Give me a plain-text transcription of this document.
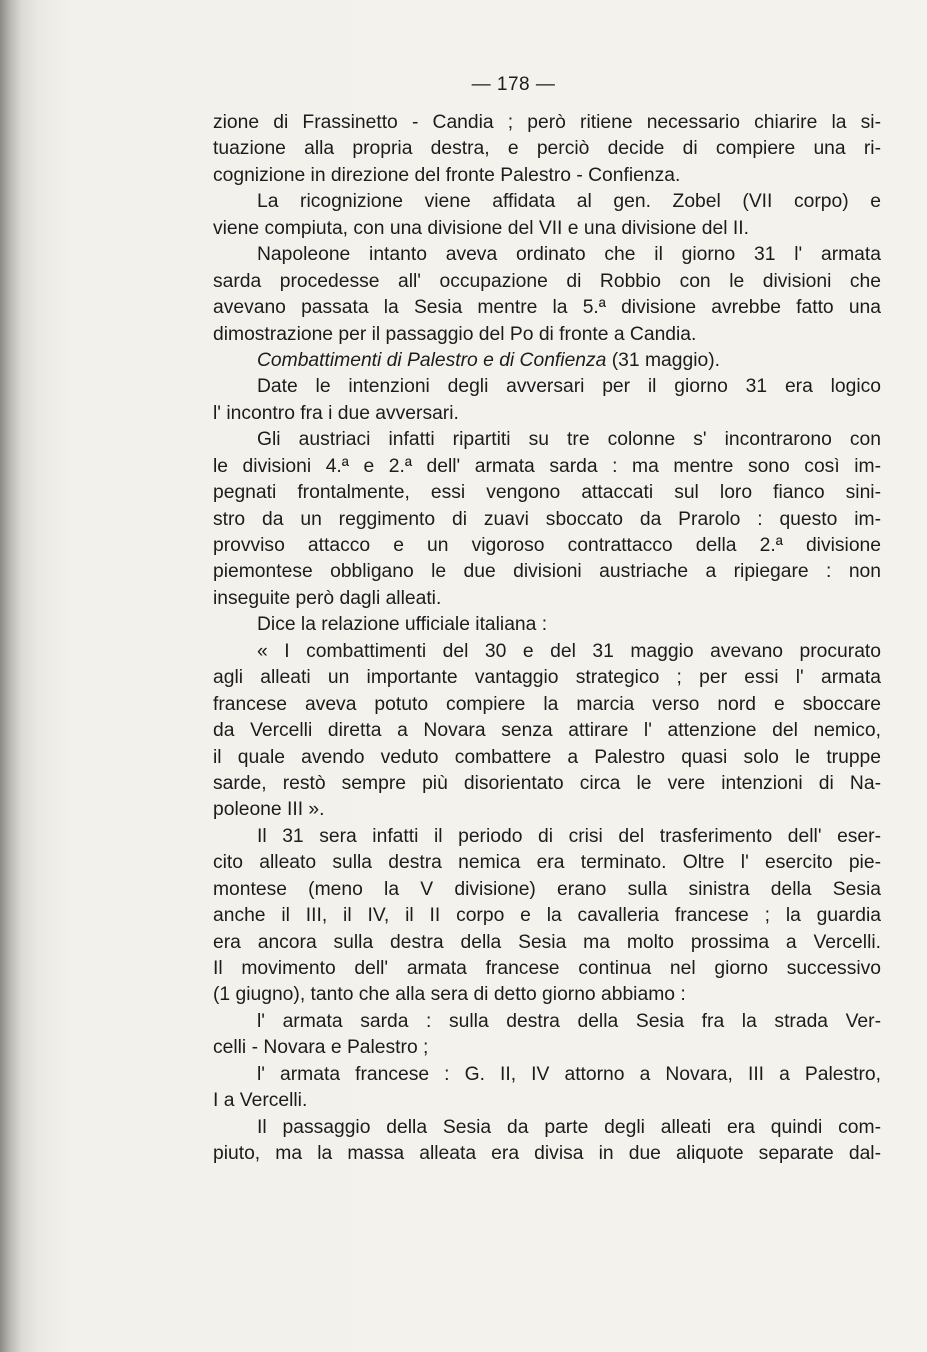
— 178 —
zione di Frassinetto - Candia ; però ritiene necessario chiarire la si-
tuazione alla propria destra, e perciò decide di compiere una ri-
cognizione in direzione del fronte Palestro - Confienza.
La ricognizione viene affidata al gen. Zobel (VII corpo) e
viene compiuta, con una divisione del VII e una divisione del II.
Napoleone intanto aveva ordinato che il giorno 31 l' armata
sarda procedesse all' occupazione di Robbio con le divisioni che
avevano passata la Sesia mentre la 5.ª divisione avrebbe fatto una
dimostrazione per il passaggio del Po di fronte a Candia.
Combattimenti di Palestro e di Confienza (31 maggio).
Date le intenzioni degli avversari per il giorno 31 era logico
l' incontro fra i due avversari.
Gli austriaci infatti ripartiti su tre colonne s' incontrarono con
le divisioni 4.ª e 2.ª dell' armata sarda : ma mentre sono così im-
pegnati frontalmente, essi vengono attaccati sul loro fianco sini-
stro da un reggimento di zuavi sboccato da Prarolo : questo im-
provviso attacco e un vigoroso contrattacco della 2.ª divisione
piemontese obbligano le due divisioni austriache a ripiegare : non
inseguite però dagli alleati.
Dice la relazione ufficiale italiana :
« I combattimenti del 30 e del 31 maggio avevano procurato
agli alleati un importante vantaggio strategico ; per essi l' armata
francese aveva potuto compiere la marcia verso nord e sboccare
da Vercelli diretta a Novara senza attirare l' attenzione del nemico,
il quale avendo veduto combattere a Palestro quasi solo le truppe
sarde, restò sempre più disorientato circa le vere intenzioni di Na-
poleone III ».
Il 31 sera infatti il periodo di crisi del trasferimento dell' eser-
cito alleato sulla destra nemica era terminato. Oltre l' esercito pie-
montese (meno la V divisione) erano sulla sinistra della Sesia
anche il III, il IV, il II corpo e la cavalleria francese ; la guardia
era ancora sulla destra della Sesia ma molto prossima a Vercelli.
Il movimento dell' armata francese continua nel giorno successivo
(1 giugno), tanto che alla sera di detto giorno abbiamo :
l' armata sarda : sulla destra della Sesia fra la strada Ver-
celli - Novara e Palestro ;
l' armata francese : G. II, IV attorno a Novara, III a Palestro,
I a Vercelli.
Il passaggio della Sesia da parte degli alleati era quindi com-
piuto, ma la massa alleata era divisa in due aliquote separate dal-
